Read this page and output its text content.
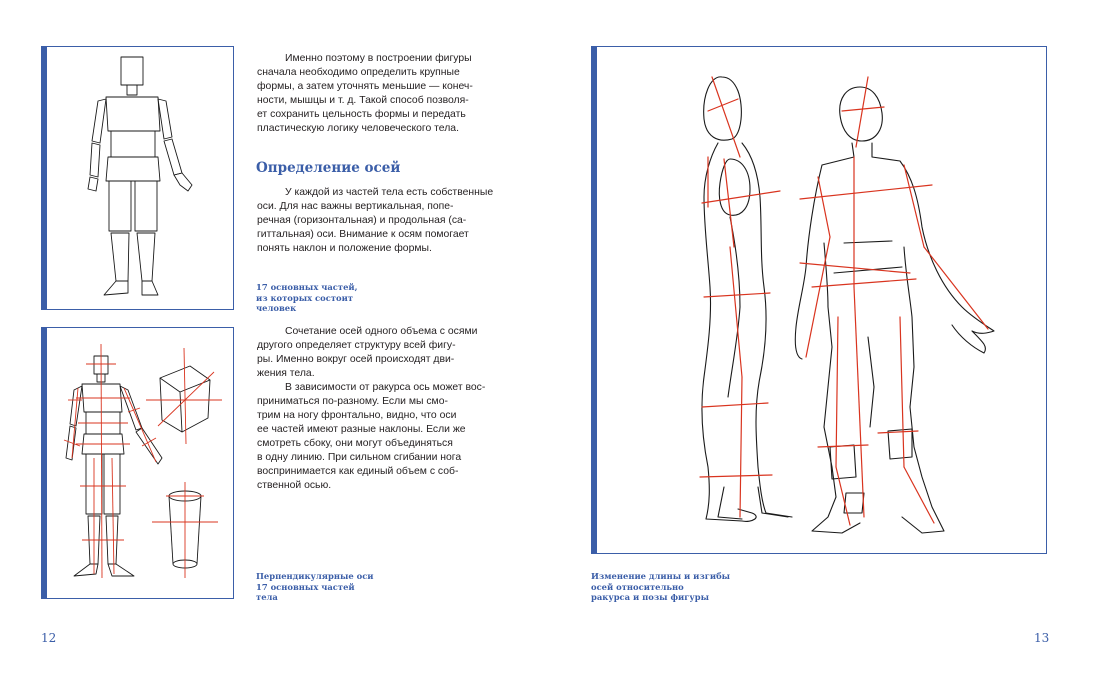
Именно поэтому в построении фигуры

сначала необходимо определить крупные
формы, а затем уточнять меньшие — конеч-
ности, мышцы и т. д. Такой способ позволя-
ет сохранить цельность формы и передать
пластическую логику человеческого тела.
Определение осей

У каждой из частей тела есть собственные

оси. Для нас важны вертикальная, попе-
речная (горизонтальная) и продольная (са-
гиттальная) оси. Внимание к осям помогает
понять наклон и положение формы.
17 основных частей,
из которых состоит
человек

Сочетание осей одного объема с осями

другого определяет структуру всей фигу-
ры. Именно вокруг осей происходят дви-
жения тела.

В зависимости от ракурса ось может вос-

приниматься по-разному. Если мы смо-
трим на ногу фронтально, видно, что оси
ее частей имеют разные наклоны. Если же
смотреть сбоку, они могут объединяться
в одну линию. При сильном сгибании нога
воспринимается как единый объем с соб-
ственной осью.
Перпендикулярные оси
17 основных частей
тела
12
Изменение длины и изгибы
осей относительно
ракурса и позы фигуры
13
